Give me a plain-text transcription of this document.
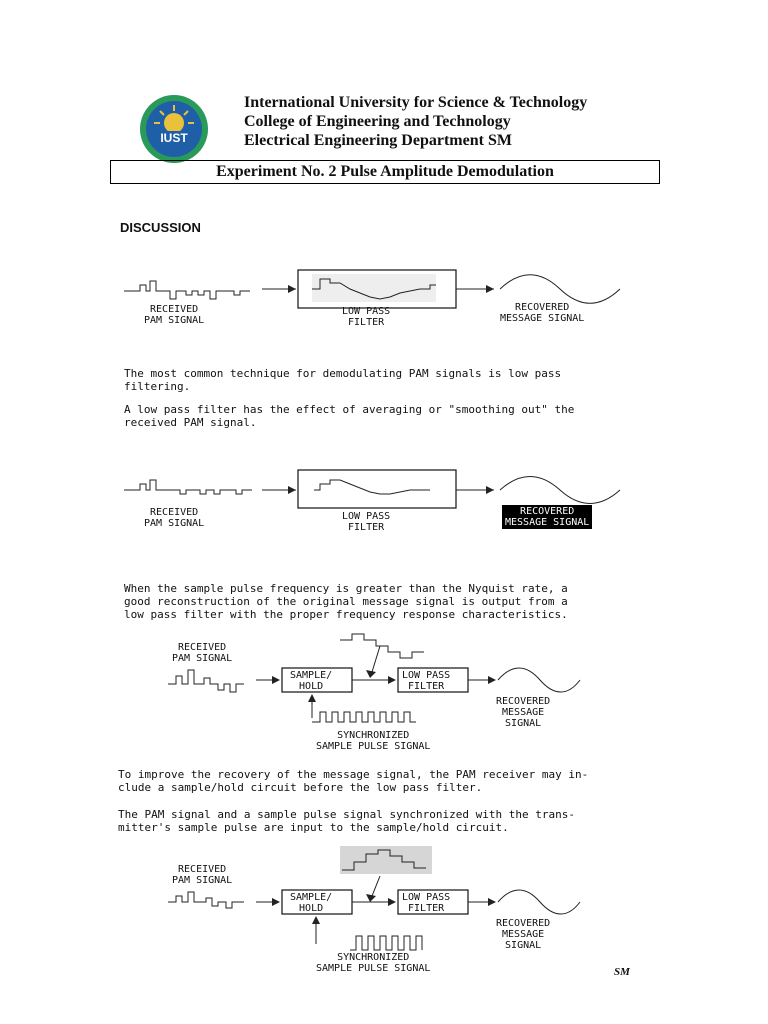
IUST
International University for Science & Technology
College of Engineering and Technology
Electrical Engineering Department SM
Experiment No. 2 Pulse Amplitude Demodulation
DISCUSSION
RECEIVED
PAM SIGNAL
LOW PASS
FILTER
RECOVERED
MESSAGE SIGNAL
The most common technique for demodulating PAM signals is low pass
filtering.
A low pass filter has the effect of averaging or "smoothing out" the
received PAM signal.
RECEIVED
PAM SIGNAL
LOW PASS
FILTER
RECOVERED
MESSAGE SIGNAL
When the sample pulse frequency is greater than the Nyquist rate, a
good reconstruction of the original message signal is output from a
low pass filter with the proper frequency response characteristics.
RECEIVED
PAM SIGNAL
SAMPLE/
HOLD
LOW PASS
FILTER
RECOVERED
MESSAGE
SIGNAL
SYNCHRONIZED
SAMPLE PULSE SIGNAL
To improve the recovery of the message signal, the PAM receiver may in-
clude a sample/hold circuit before the low pass filter.
The PAM signal and a sample pulse signal synchronized with the trans-
mitter's sample pulse are input to the sample/hold circuit.
RECEIVED
PAM SIGNAL
SAMPLE/
HOLD
LOW PASS
FILTER
RECOVERED
MESSAGE
SIGNAL
SYNCHRONIZED
SAMPLE PULSE SIGNAL	SM
